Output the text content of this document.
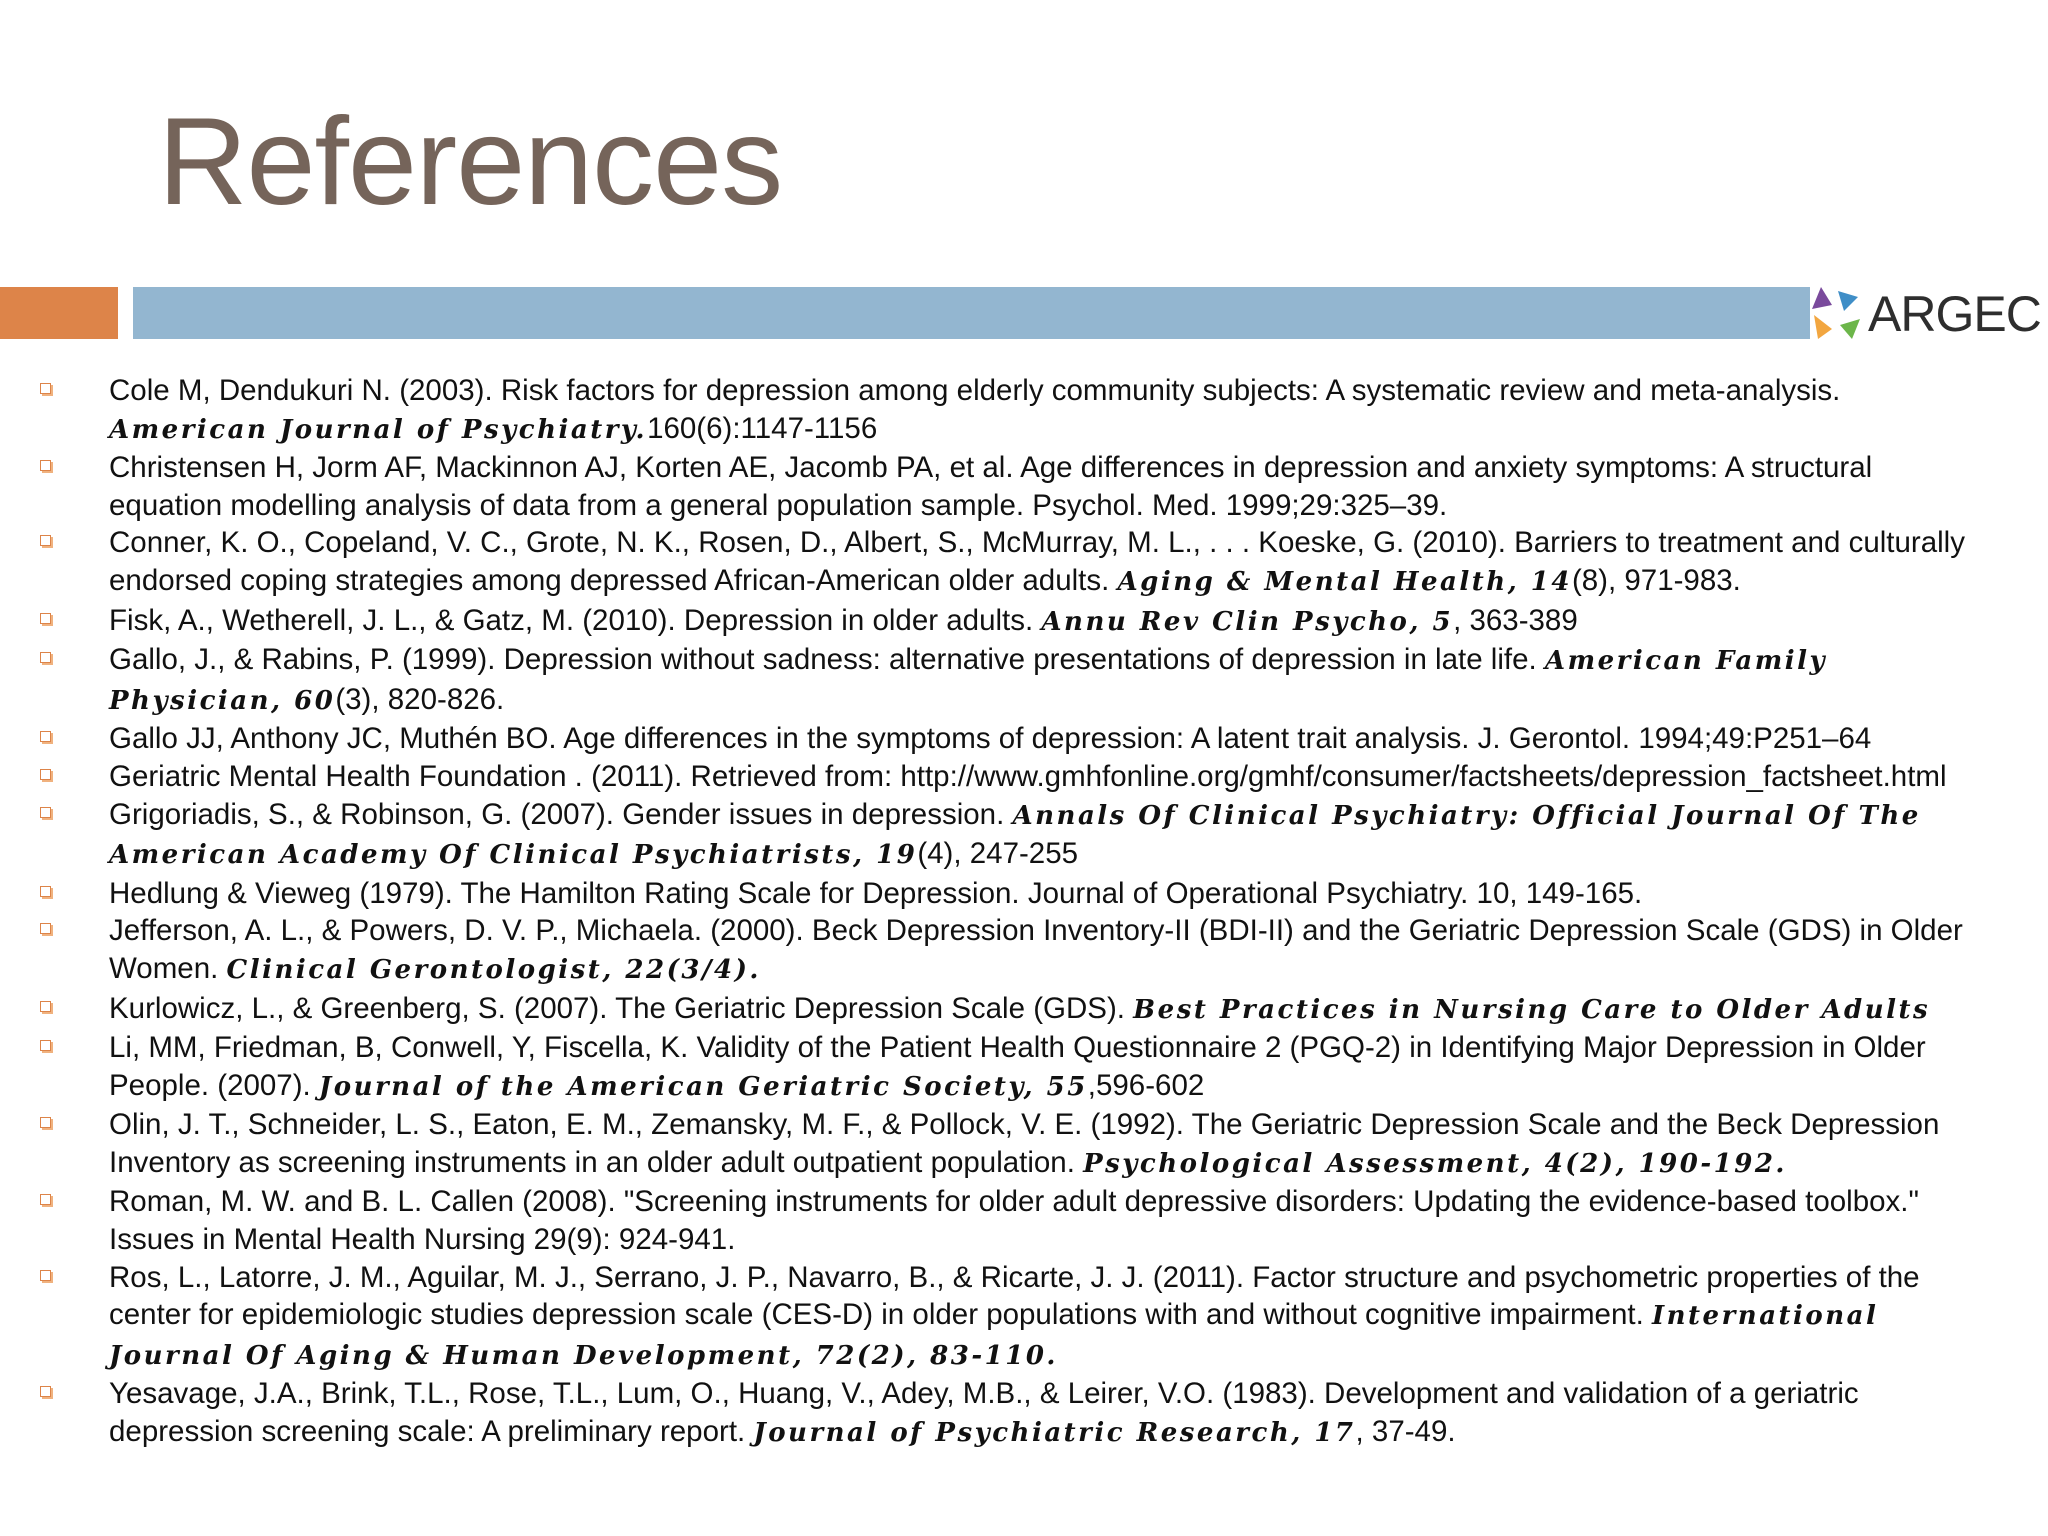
References
ARGEC
Cole M, Dendukuri N. (2003). Risk factors for depression among elderly community subjects: A systematic review and meta-analysis. American Journal of Psychiatry.160(6):1147-1156
Christensen H, Jorm AF, Mackinnon AJ, Korten AE, Jacomb PA, et al. Age differences in depression and anxiety symptoms: A structural equation modelling analysis of data from a general population sample. Psychol. Med. 1999;29:325–39.
Conner, K. O., Copeland, V. C., Grote, N. K., Rosen, D., Albert, S., McMurray, M. L., . . . Koeske, G. (2010). Barriers to treatment and culturally endorsed coping strategies among depressed African-American older adults. Aging & Mental Health, 14(8), 971-983.
Fisk, A., Wetherell, J. L., & Gatz, M. (2010). Depression in older adults. Annu Rev Clin Psycho, 5, 363-389
Gallo, J., & Rabins, P. (1999). Depression without sadness: alternative presentations of depression in late life. American Family Physician, 60(3), 820-826.
Gallo JJ, Anthony JC, Muthén BO. Age differences in the symptoms of depression: A latent trait analysis. J. Gerontol. 1994;49:P251–64
Geriatric Mental Health Foundation . (2011). Retrieved from: http://www.gmhfonline.org/gmhf/consumer/factsheets/depression_factsheet.html
Grigoriadis, S., & Robinson, G. (2007). Gender issues in depression. Annals Of Clinical Psychiatry: Official Journal Of The American Academy Of Clinical Psychiatrists, 19(4), 247-255
Hedlung & Vieweg (1979). The Hamilton Rating Scale for Depression. Journal of Operational Psychiatry. 10, 149-165.
Jefferson, A. L., & Powers, D. V. P., Michaela. (2000). Beck Depression Inventory-II (BDI-II) and the Geriatric Depression Scale (GDS) in Older Women. Clinical Gerontologist, 22(3/4).
Kurlowicz, L., & Greenberg, S. (2007). The Geriatric Depression Scale (GDS). Best Practices in Nursing Care to Older Adults
Li, MM, Friedman, B, Conwell, Y, Fiscella, K. Validity of the Patient Health Questionnaire 2 (PGQ-2) in Identifying Major Depression in Older People. (2007). Journal of the American Geriatric Society, 55,596-602
Olin, J. T., Schneider, L. S., Eaton, E. M., Zemansky, M. F., & Pollock, V. E. (1992). The Geriatric Depression Scale and the Beck Depression Inventory as screening instruments in an older adult outpatient population. Psychological Assessment, 4(2), 190-192.
Roman, M. W. and B. L. Callen (2008). "Screening instruments for older adult depressive disorders: Updating the evidence-based toolbox." Issues in Mental Health Nursing 29(9): 924-941.
Ros, L., Latorre, J. M., Aguilar, M. J., Serrano, J. P., Navarro, B., & Ricarte, J. J. (2011). Factor structure and psychometric properties of the center for epidemiologic studies depression scale (CES-D) in older populations with and without cognitive impairment. International Journal Of Aging & Human Development, 72(2), 83-110.
Yesavage, J.A., Brink, T.L., Rose, T.L., Lum, O., Huang, V., Adey, M.B., & Leirer, V.O. (1983). Development and validation of a geriatric depression screening scale: A preliminary report. Journal of Psychiatric Research, 17, 37-49.
